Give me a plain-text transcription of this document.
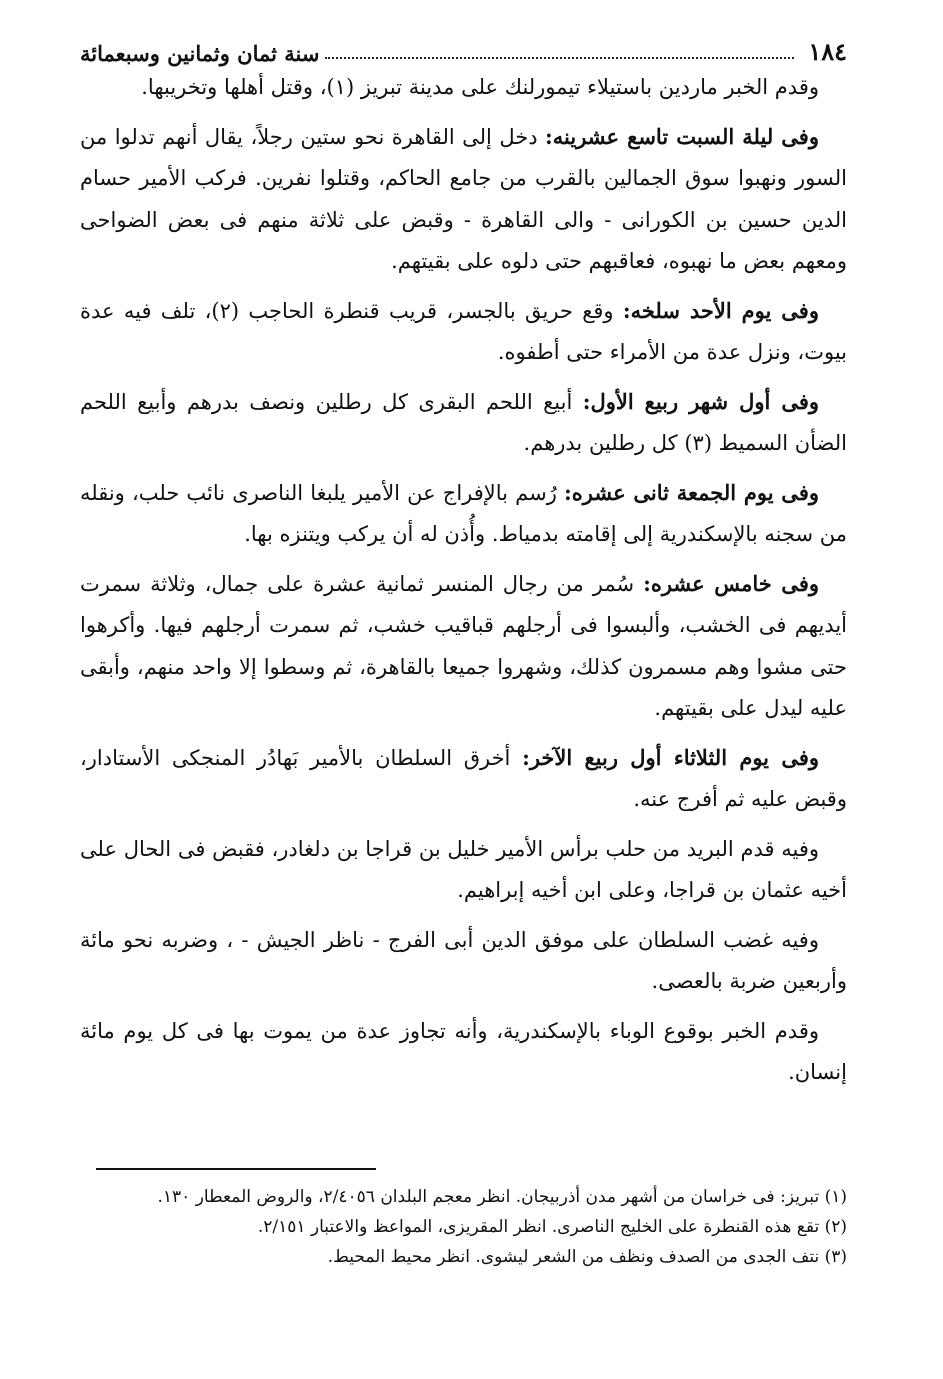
١٨٤
سنة ثمان وثمانين وسبعمائة

وقدم الخبر ماردين باستيلاء تيمورلنك على مدينة تبريز (١)، وقتل أهلها وتخريبها.

وفى ليلة السبت تاسع عشرينه: دخل إلى القاهرة نحو ستين رجلاً، يقال أنهم تدلوا من السور ونهبوا سوق الجمالين بالقرب من جامع الحاكم، وقتلوا نفرين. فركب الأمير حسام الدين حسين بن الكورانى - والى القاهرة - وقبض على ثلاثة منهم فى بعض الضواحى ومعهم بعض ما نهبوه، فعاقبهم حتى دلوه على بقيتهم.

وفى يوم الأحد سلخه: وقع حريق بالجسر، قريب قنطرة الحاجب (٢)، تلف فيه عدة بيوت، ونزل عدة من الأمراء حتى أطفوه.

وفى أول شهر ربيع الأول: أبيع اللحم البقرى كل رطلين ونصف بدرهم وأبيع اللحم الضأن السميط (٣) كل رطلين بدرهم.

وفى يوم الجمعة ثانى عشره: رُسم بالإفراج عن الأمير يلبغا الناصرى نائب حلب، ونقله من سجنه بالإسكندرية إلى إقامته بدمياط. وأُذن له أن يركب ويتنزه بها.

وفى خامس عشره: سُمر من رجال المنسر ثمانية عشرة على جمال، وثلاثة سمرت أيديهم فى الخشب، وألبسوا فى أرجلهم قباقيب خشب، ثم سمرت أرجلهم فيها. وأكرهوا حتى مشوا وهم مسمرون كذلك، وشهروا جميعا بالقاهرة، ثم وسطوا إلا واحد منهم، وأبقى عليه ليدل على بقيتهم.

وفى يوم الثلاثاء أول ربيع الآخر: أخرق السلطان بالأمير بَهادُر المنجكى الأستادار، وقبض عليه ثم أفرج عنه.

وفيه قدم البريد من حلب برأس الأمير خليل بن قراجا بن دلغادر، فقبض فى الحال على أخيه عثمان بن قراجا، وعلى ابن أخيه إبراهيم.

وفيه غضب السلطان على موفق الدين أبى الفرج - ناظر الجيش - ، وضربه نحو مائة وأربعين ضربة بالعصى.

وقدم الخبر بوقوع الوباء بالإسكندرية، وأنه تجاوز عدة من يموت بها فى كل يوم مائة إنسان.

(١) تبريز: فى خراسان من أشهر مدن أذربيجان. انظر معجم البلدان ٢/٤٠٥٦، والروض المعطار ١٣٠.

(٢) تقع هذه القنطرة على الخليج الناصرى. انظر المقريزى، المواعظ والاعتبار ٢/١٥١.

(٣) نتف الجدى من الصدف ونظف من الشعر ليشوى. انظر محيط المحيط.
